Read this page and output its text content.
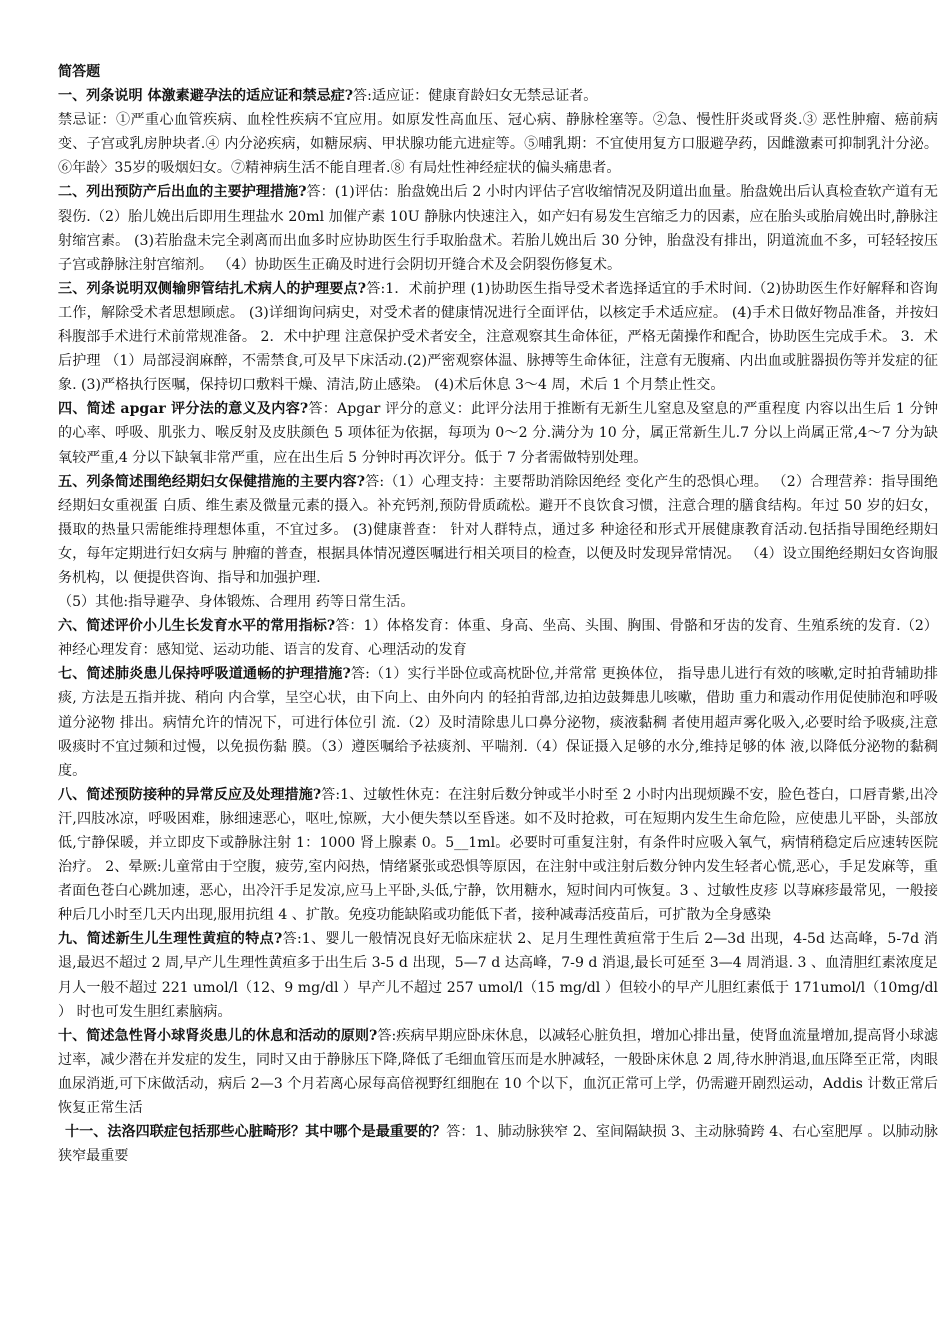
简答题

一、列条说明 体激素避孕法的适应证和禁忌症?答:适应证：健康育龄妇女无禁忌证者。

禁忌证：①严重心血管疾病、血栓性疾病不宜应用。如原发性高血压、冠心病、静脉栓塞等。②急、慢性肝炎或肾炎.③ 恶性肿瘤、癌前病变、子宫或乳房肿块者.④ 内分泌疾病，如糖尿病、甲状腺功能亢进症等。⑤哺乳期：不宜使用复方口服避孕药，因雌激素可抑制乳汁分泌。⑥年龄〉35岁的吸烟妇女。⑦精神病生活不能自理者.⑧ 有局灶性神经症状的偏头痛患者。

二、列出预防产后出血的主要护理措施?答：(1)评估：胎盘娩出后 2 小时内评估子宫收缩情况及阴道出血量。胎盘娩出后认真检查软产道有无裂伤.（2）胎儿娩出后即用生理盐水 20ml 加催产素 10U 静脉内快速注入，如产妇有易发生宫缩乏力的因素，应在胎头或胎肩娩出时,静脉注射缩宫素。 (3)若胎盘未完全剥离而出血多时应协助医生行手取胎盘术。若胎儿娩出后 30 分钟，胎盘没有排出，阴道流血不多，可轻轻按压子宫或静脉注射宫缩剂。 （4）协助医生正确及时进行会阴切开缝合术及会阴裂伤修复术。

三、列条说明双侧输卵管结扎术病人的护理要点?答:1．术前护理 (1)协助医生指导受术者选择适宜的手术时间.（2)协助医生作好解释和咨询工作，解除受术者思想顾虑。 (3)详细询问病史，对受术者的健康情况进行全面评估，以核定手术适应症。 (4)手术日做好物品准备，并按妇科腹部手术进行术前常规准备。 2．术中护理 注意保护受术者安全，注意观察其生命体征，严格无菌操作和配合，协助医生完成手术。 3．术后护理 （1）局部浸润麻醉，不需禁食,可及早下床活动.(2)严密观察体温、脉搏等生命体征，注意有无腹痛、内出血或脏器损伤等并发症的征象. (3)严格执行医嘱，保持切口敷料干燥、清洁,防止感染。 (4)术后休息 3～4 周，术后 1 个月禁止性交。

四、简述 apgar 评分法的意义及内容?答：Apgar 评分的意义：此评分法用于推断有无新生儿窒息及窒息的严重程度 内容以出生后 1 分钟的心率、呼吸、肌张力、喉反射及皮肤颜色 5 项体征为依据，每项为 0～2 分.满分为 10 分，属正常新生儿.7 分以上尚属正常,4～7 分为缺氧较严重,4 分以下缺氧非常严重，应在出生后 5 分钟时再次评分。低于 7 分者需做特别处理。

五、列条简述围绝经期妇女保健措施的主要内容?答:（1）心理支持：主要帮助消除因绝经 变化产生的恐惧心理。 （2）合理营养：指导围绝经期妇女重视蛋 白质、维生素及微量元素的摄入。补充钙剂,预防骨质疏松。避开不良饮食习惯，注意合理的膳食结构。年过 50 岁的妇女，摄取的热量只需能维持理想体重，不宜过多。 (3)健康普查： 针对人群特点，通过多 种途径和形式开展健康教育活动.包括指导围绝经期妇女，每年定期进行妇女病与 肿瘤的普查，根据具体情况遵医嘱进行相关项目的检查，以便及时发现异常情况。 （4）设立围绝经期妇女咨询服务机构，以 便提供咨询、指导和加强护理.

（5）其他:指导避孕、身体锻炼、合理用 药等日常生活。

六、简述评价小儿生长发育水平的常用指标?答：1）体格发育：体重、身高、坐高、头围、胸围、骨骼和牙齿的发育、生殖系统的发育.（2）神经心理发育：感知觉、运动功能、语言的发育、心理活动的发育

七、简述肺炎患儿保持呼吸道通畅的护理措施?答:（1）实行半卧位或高枕卧位,并常常 更换体位， 指导患儿进行有效的咳嗽,定时拍背辅助排痰, 方法是五指并拢、稍向 内合掌，呈空心状，由下向上、由外向内 的轻拍背部,边拍边鼓舞患儿咳嗽，借助 重力和震动作用促使肺泡和呼吸道分泌物 排出。病情允许的情况下，可进行体位引 流.（2）及时清除患儿口鼻分泌物，痰液黏稠 者使用超声雾化吸入,必要时给予吸痰,注意吸痰时不宜过频和过慢，以免损伤黏 膜。（3）遵医嘱给予祛痰剂、平喘剂.（4）保证摄入足够的水分,维持足够的体 液,以降低分泌物的黏稠度。

八、简述预防接种的异常反应及处理措施?答:1、过敏性休克：在注射后数分钟或半小时至 2 小时内出现烦躁不安，脸色苍白，口唇青紫,出冷汗,四肢冰凉，呼吸困难，脉细速恶心，呕吐,惊厥，大小便失禁以至昏迷。如不及时抢救，可在短期内发生生命危险，应使患儿平卧，头部放低,宁静保暖，并立即皮下或静脉注射 1：1000 肾上腺素 0。5__1ml。必要时可重复注射，有条件时应吸入氧气，病情稍稳定后应速转医院治疗。 2、晕厥:儿童常由于空腹，疲劳,室内闷热，情绪紧张或恐惧等原因，在注射中或注射后数分钟内发生轻者心慌,恶心，手足发麻等，重者面色苍白心跳加速，恶心，出冷汗手足发凉,应马上平卧,头低,宁静，饮用糖水，短时间内可恢复。3 、过敏性皮疹 以荨麻疹最常见，一般接种后几小时至几天内出现,服用抗组 4 、扩散。免疫功能缺陷或功能低下者，接种减毒活疫苗后，可扩散为全身感染

九、简述新生儿生理性黄疸的特点?答:1、婴儿一般情况良好无临床症状 2、足月生理性黄疸常于生后 2—3d 出现，4-5d 达高峰，5-7d 消退,最迟不超过 2 周,早产儿生理性黄疸多于出生后 3-5 d 出现，5—7 d 达高峰，7-9 d 消退,最长可延至 3—4 周消退. 3 、血清胆红素浓度足月人一般不超过 221 umol/l（12、9 mg/dl ）早产儿不超过 257 umol/l（15 mg/dl ）但较小的早产儿胆红素低于 171umol/l（10mg/dl ） 时也可发生胆红素脑病。

十、简述急性肾小球肾炎患儿的休息和活动的原则?答:疾病早期应卧床休息，以减轻心脏负担，增加心排出量，使肾血流量增加,提高肾小球滤过率，减少潜在并发症的发生，同时又由于静脉压下降,降低了毛细血管压而是水肿减轻，一般卧床休息 2 周,待水肿消退,血压降至正常，肉眼血尿消逝,可下床做活动，病后 2—3 个月若离心尿每高倍视野红细胞在 10 个以下，血沉正常可上学，仍需避开剧烈运动，Addis 计数正常后恢复正常生活

十一、法洛四联症包括那些心脏畸形？其中哪个是最重要的？答：1、肺动脉狭窄 2、室间隔缺损 3、主动脉骑跨 4、右心室肥厚 。以肺动脉狭窄最重要
